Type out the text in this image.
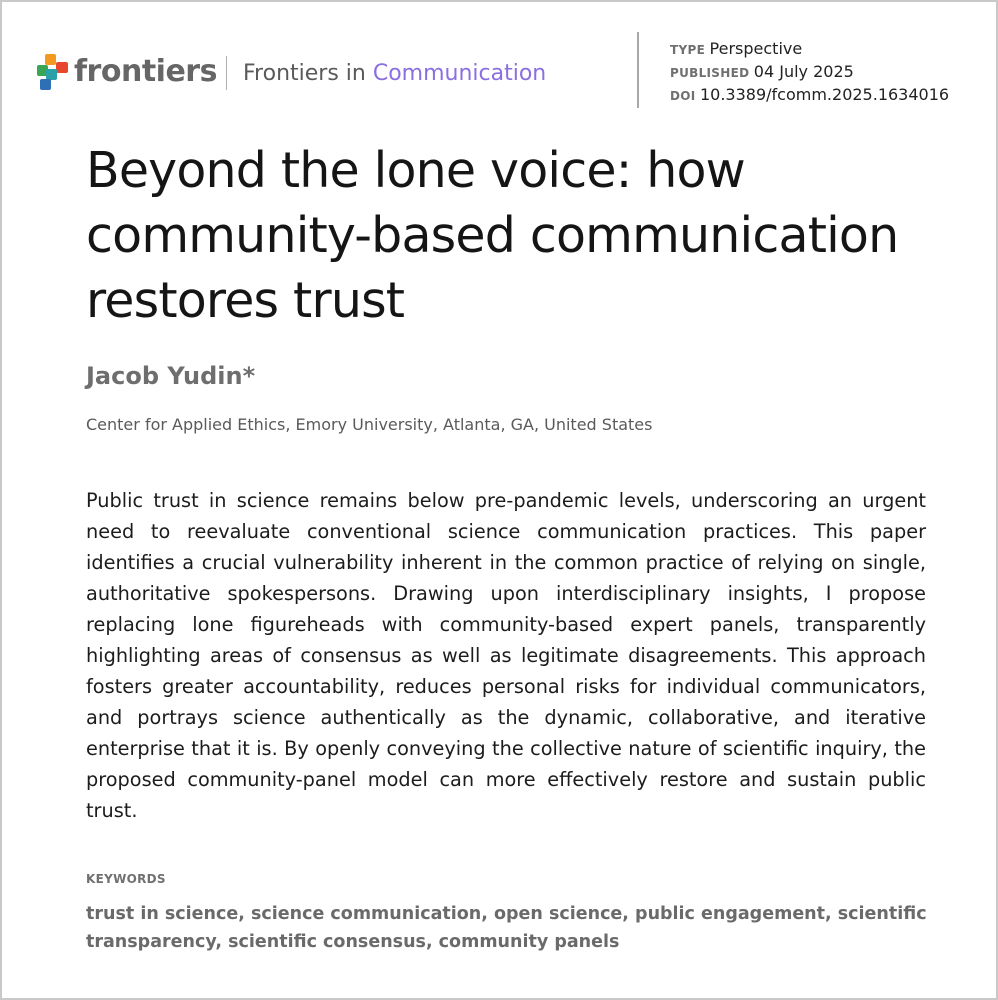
frontiers Frontiers in Communication
TYPE Perspective
PUBLISHED 04 July 2025
DOI 10.3389/fcomm.2025.1634016
Beyond the lone voice: how community-based communication restores trust
Jacob Yudin*
Center for Applied Ethics, Emory University, Atlanta, GA, United States

Public trust in science remains below pre-pandemic levels, underscoring an urgent need to reevaluate conventional science communication practices. This paper identifies a crucial vulnerability inherent in the common practice of relying on single, authoritative spokespersons. Drawing upon interdisciplinary insights, I propose replacing lone figureheads with community-based expert panels, transparently highlighting areas of consensus as well as legitimate disagreements. This approach fosters greater accountability, reduces personal risks for individual communicators, and portrays science authentically as the dynamic, collaborative, and iterative enterprise that it is. By openly conveying the collective nature of scientific inquiry, the proposed community-panel model can more effectively restore and sustain public trust.

KEYWORDS
trust in science, science communication, open science, public engagement, scientific transparency, scientific consensus, community panels
